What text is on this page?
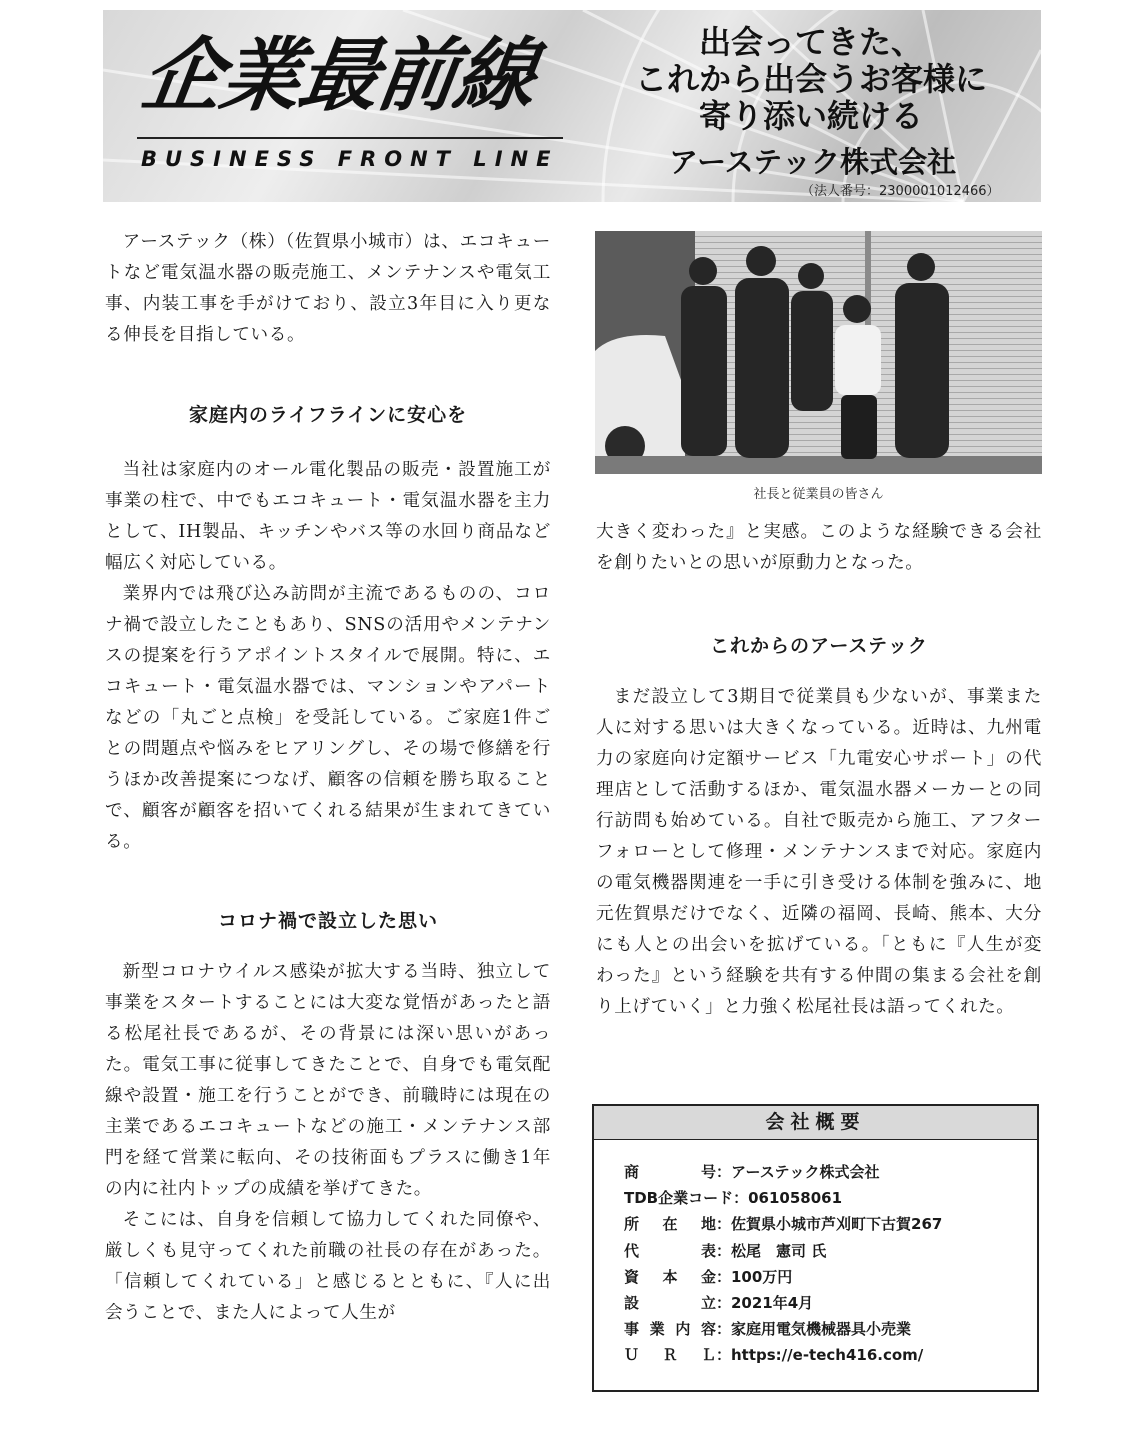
企業最前線
BUSINESS FRONT LINE
出会ってきた、
これから出会うお客様に
寄り添い続ける
アーステック株式会社
（法人番号：2300001012466）

アーステック（株）（佐賀県小城市）は、エコキュートなど電気温水器の販売施工、メンテナンスや電気工事、内装工事を手がけており、設立3年目に入り更なる伸長を目指している。

家庭内のライフラインに安心を

当社は家庭内のオール電化製品の販売・設置施工が事業の柱で、中でもエコキュート・電気温水器を主力として、IH製品、キッチンやバス等の水回り商品など幅広く対応している。

業界内では飛び込み訪問が主流であるものの、コロナ禍で設立したこともあり、SNSの活用やメンテナンスの提案を行うアポイントスタイルで展開。特に、エコキュート・電気温水器では、マンションやアパートなどの「丸ごと点検」を受託している。ご家庭1件ごとの問題点や悩みをヒアリングし、その場で修繕を行うほか改善提案につなげ、顧客の信頼を勝ち取ることで、顧客が顧客を招いてくれる結果が生まれてきている。

コロナ禍で設立した思い

新型コロナウイルス感染が拡大する当時、独立して事業をスタートすることには大変な覚悟があったと語る松尾社長であるが、その背景には深い思いがあった。電気工事に従事してきたことで、自身でも電気配線や設置・施工を行うことができ、前職時には現在の主業であるエコキュートなどの施工・メンテナンス部門を経て営業に転向、その技術面もプラスに働き1年の内に社内トップの成績を挙げてきた。

そこには、自身を信頼して協力してくれた同僚や、厳しくも見守ってくれた前職の社長の存在があった。「信頼してくれている」と感じるとともに、『人に出会うことで、また人によって人生が

社長と従業員の皆さん

大きく変わった』と実感。このような経験できる会社を創りたいとの思いが原動力となった。

これからのアーステック

まだ設立して3期目で従業員も少ないが、事業また人に対する思いは大きくなっている。近時は、九州電力の家庭向け定額サービス「九電安心サポート」の代理店として活動するほか、電気温水器メーカーとの同行訪問も始めている。自社で販売から施工、アフターフォローとして修理・メンテナンスまで対応。家庭内の電気機器関連を一手に引き受ける体制を強みに、地元佐賀県だけでなく、近隣の福岡、長崎、熊本、大分にも人との出会いを拡げている。「ともに『人生が変わった』という経験を共有する仲間の集まる会社を創り上げていく」と力強く松尾社長は語ってくれた。

会社概要
商　　号 ：アーステック株式会社
TDB企業コード ：061058061
所 在 地 ：佐賀県小城市芦刈町下古賀267
代　　表 ：松尾　憲司 氏
資 本 金 ：100万円
設　　立 ：2021年4月
事業内容 ：家庭用電気機械器具小売業
ＵＲＬ ：https://e-tech416.com/
